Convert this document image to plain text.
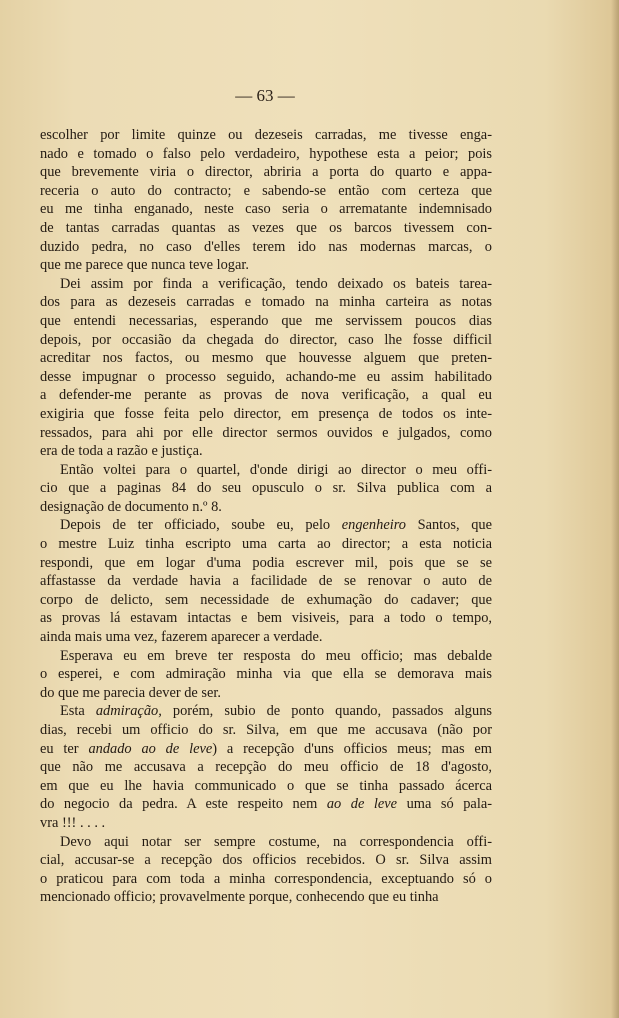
— 63 —
escolher por limite quinze ou dezeseis carradas, me tivesse enga-
nado e tomado o falso pelo verdadeiro, hypothese esta a peior; pois
que brevemente viria o director, abriria a porta do quarto e appa-
receria o auto do contracto; e sabendo-se então com certeza que
eu me tinha enganado, neste caso seria o arrematante indemnisado
de tantas carradas quantas as vezes que os barcos tivessem con-
duzido pedra, no caso d'elles terem ido nas modernas marcas, o
que me parece que nunca teve logar.
Dei assim por finda a verificação, tendo deixado os bateis tarea-
dos para as dezeseis carradas e tomado na minha carteira as notas
que entendi necessarias, esperando que me servissem poucos dias
depois, por occasião da chegada do director, caso lhe fosse difficil
acreditar nos factos, ou mesmo que houvesse alguem que preten-
desse impugnar o processo seguido, achando-me eu assim habilitado
a defender-me perante as provas de nova verificação, a qual eu
exigiria que fosse feita pelo director, em presença de todos os inte-
ressados, para ahi por elle director sermos ouvidos e julgados, como
era de toda a razão e justiça.
Então voltei para o quartel, d'onde dirigi ao director o meu offi-
cio que a paginas 84 do seu opusculo o sr. Silva publica com a
designação de documento n.º 8.
Depois de ter officiado, soube eu, pelo engenheiro Santos, que
o mestre Luiz tinha escripto uma carta ao director; a esta noticia
respondi, que em logar d'uma podia escrever mil, pois que se se
affastasse da verdade havia a facilidade de se renovar o auto de
corpo de delicto, sem necessidade de exhumação do cadaver; que
as provas lá estavam intactas e bem visiveis, para a todo o tempo,
ainda mais uma vez, fazerem aparecer a verdade.
Esperava eu em breve ter resposta do meu officio; mas debalde
o esperei, e com admiração minha via que ella se demorava mais
do que me parecia dever de ser.
Esta admiração, porém, subio de ponto quando, passados alguns
dias, recebi um officio do sr. Silva, em que me accusava (não por
eu ter andado ao de leve) a recepção d'uns officios meus; mas em
que não me accusava a recepção do meu officio de 18 d'agosto,
em que eu lhe havia communicado o que se tinha passado ácerca
do negocio da pedra. A este respeito nem ao de leve uma só pala-
vra !!! . . . .
Devo aqui notar ser sempre costume, na correspondencia offi-
cial, accusar-se a recepção dos officios recebidos. O sr. Silva assim
o praticou para com toda a minha correspondencia, exceptuando só o
mencionado officio; provavelmente porque, conhecendo que eu tinha
